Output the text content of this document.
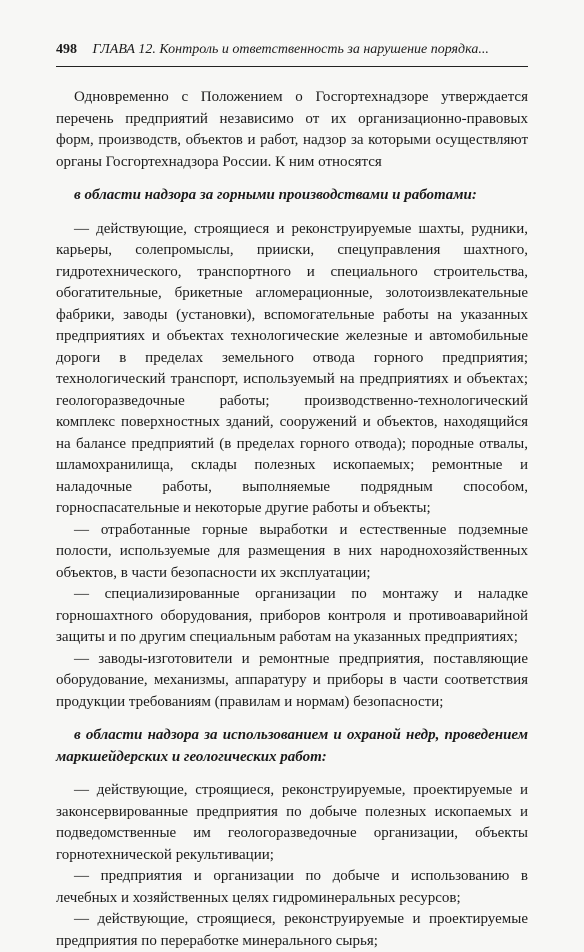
498 ГЛАВА 12. Контроль и ответственность за нарушение порядка...

Одновременно с Положением о Госгортехнадзоре утверждается перечень предприятий независимо от их организационно-правовых форм, производств, объектов и работ, надзор за которыми осуществляют органы Госгортехнадзора России. К ним относятся

в области надзора за горными производствами и работами:

— действующие, строящиеся и реконструируемые шахты, рудники, карьеры, солепромыслы, прииски, спецуправления шахтного, гидротехнического, транспортного и специального строительства, обогатительные, брикетные агломерационные, золотоизвлекательные фабрики, заводы (установки), вспомогательные работы на указанных предприятиях и объектах технологические железные и автомобильные дороги в пределах земельного отвода горного предприятия; технологический транспорт, используемый на предприятиях и объектах; геологоразведочные работы; производственно-технологический комплекс поверхностных зданий, сооружений и объектов, находящийся на балансе предприятий (в пределах горного отвода); породные отвалы, шламохранилища, склады полезных ископаемых; ремонтные и наладочные работы, выполняемые подрядным способом, горноспасательные и некоторые другие работы и объекты;

— отработанные горные выработки и естественные подземные полости, используемые для размещения в них народнохозяйственных объектов, в части безопасности их эксплуатации;

— специализированные организации по монтажу и наладке горношахтного оборудования, приборов контроля и противоаварийной защиты и по другим специальным работам на указанных предприятиях;

— заводы-изготовители и ремонтные предприятия, поставляющие оборудование, механизмы, аппаратуру и приборы в части соответствия продукции требованиям (правилам и нормам) безопасности;

в области надзора за использованием и охраной недр, проведением маркшейдерских и геологических работ:

— действующие, строящиеся, реконструируемые, проектируемые и законсервированные предприятия по добыче полезных ископаемых и подведомственные им геологоразведочные организации, объекты горнотехнической рекультивации;

— предприятия и организации по добыче и использованию в лечебных и хозяйственных целях гидроминеральных ресурсов;

— действующие, строящиеся, реконструируемые и проектируемые предприятия по переработке минерального сырья;
